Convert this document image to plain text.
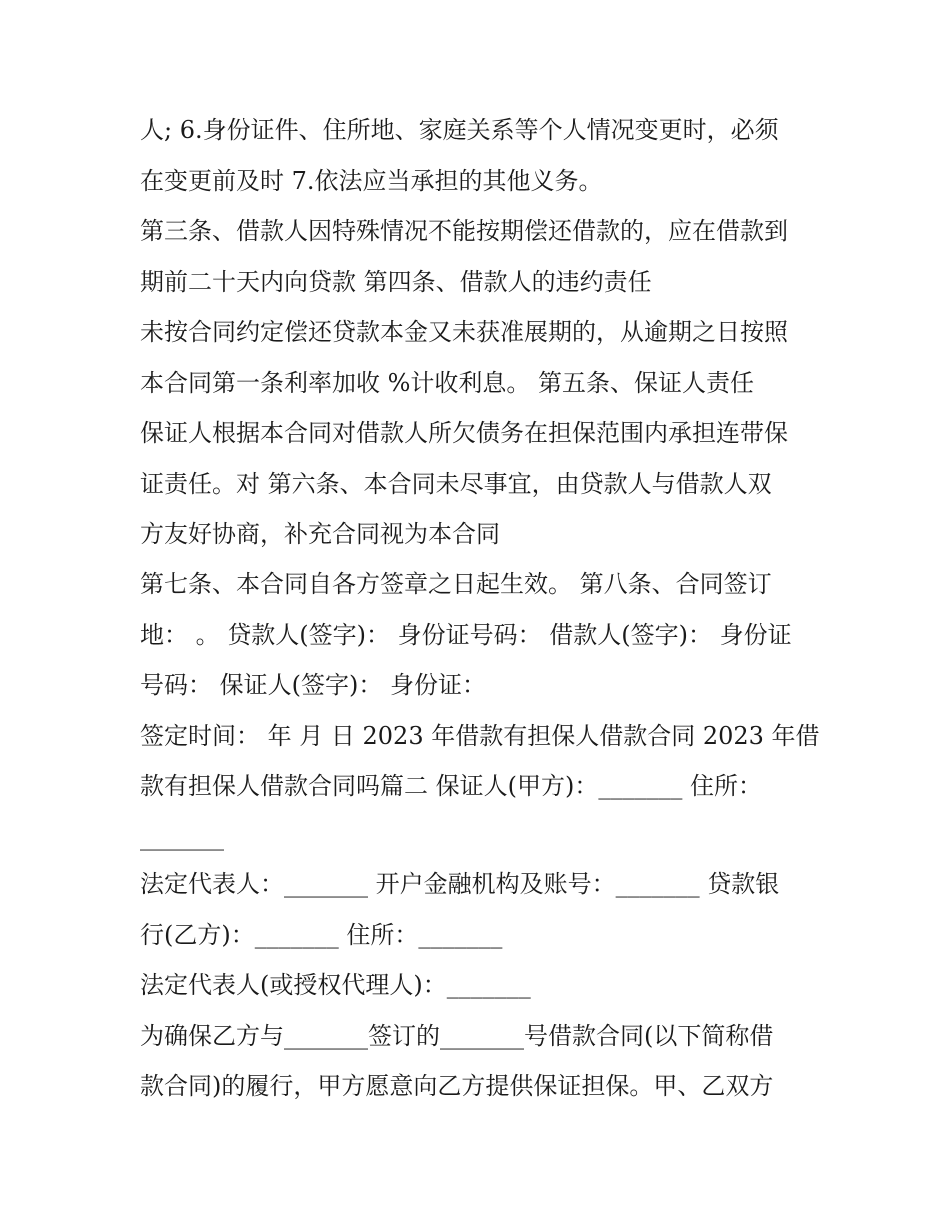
人; 6.身份证件、住所地、家庭关系等个人情况变更时，必须
在变更前及时 7.依法应当承担的其他义务。
第三条、借款人因特殊情况不能按期偿还借款的，应在借款到
期前二十天内向贷款 第四条、借款人的违约责任
未按合同约定偿还贷款本金又未获准展期的，从逾期之日按照
本合同第一条利率加收 %计收利息。 第五条、保证人责任
保证人根据本合同对借款人所欠债务在担保范围内承担连带保
证责任。对 第六条、本合同未尽事宜，由贷款人与借款人双
方友好协商，补充合同视为本合同
第七条、本合同自各方签章之日起生效。 第八条、合同签订
地： 。 贷款人(签字)： 身份证号码： 借款人(签字)： 身份证
号码： 保证人(签字)： 身份证：
签定时间： 年 月 日 2023 年借款有担保人借款合同 2023 年借
款有担保人借款合同吗篇二 保证人(甲方)：_______ 住所：
_______
法定代表人：_______ 开户金融机构及账号：_______ 贷款银
行(乙方)：_______ 住所：_______
法定代表人(或授权代理人)：_______
为确保乙方与_______签订的_______号借款合同(以下简称借
款合同)的履行，甲方愿意向乙方提供保证担保。甲、乙双方
